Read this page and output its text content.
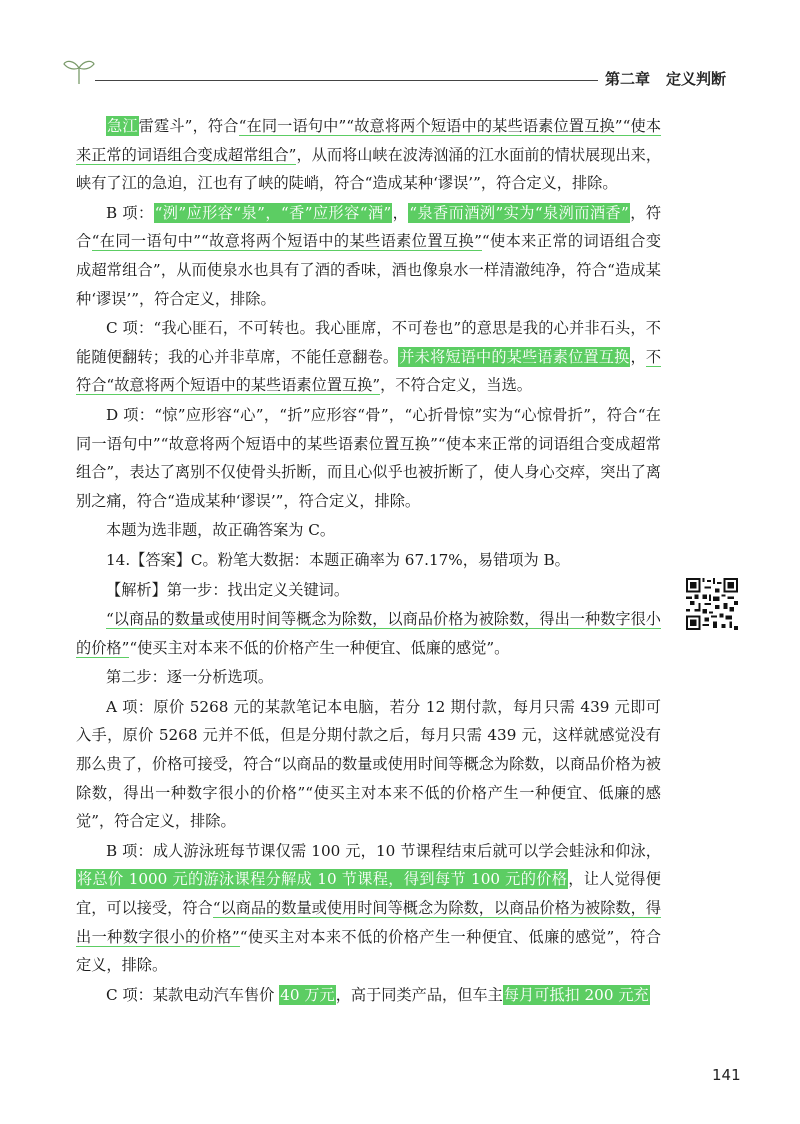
第二章 定义判断

急江雷霆斗”，符合“在同一语句中”“故意将两个短语中的某些语素位置互换”“使本来正常的词语组合变成超常组合”，从而将山峡在波涛汹涌的江水面前的情状展现出来，峡有了江的急迫，江也有了峡的陡峭，符合“造成某种‘谬误’”，符合定义，排除。

B 项：“洌”应形容“泉”，“香”应形容“酒”，“泉香而酒洌”实为“泉洌而酒香”，符合“在同一语句中”“故意将两个短语中的某些语素位置互换”“使本来正常的词语组合变成超常组合”，从而使泉水也具有了酒的香味，酒也像泉水一样清澈纯净，符合“造成某种‘谬误’”，符合定义，排除。

C 项：“我心匪石，不可转也。我心匪席，不可卷也”的意思是我的心并非石头，不能随便翻转；我的心并非草席，不能任意翻卷。并未将短语中的某些语素位置互换，不符合“故意将两个短语中的某些语素位置互换”，不符合定义，当选。

D 项：“惊”应形容“心”，“折”应形容“骨”，“心折骨惊”实为“心惊骨折”，符合“在同一语句中”“故意将两个短语中的某些语素位置互换”“使本来正常的词语组合变成超常组合”，表达了离别不仅使骨头折断，而且心似乎也被折断了，使人身心交瘁，突出了离别之痛，符合“造成某种‘谬误’”，符合定义，排除。

本题为选非题，故正确答案为 C。

14.【答案】C。粉笔大数据：本题正确率为 67.17%，易错项为 B。

【解析】第一步：找出定义关键词。

“以商品的数量或使用时间等概念为除数，以商品价格为被除数，得出一种数字很小的价格”“使买主对本来不低的价格产生一种便宜、低廉的感觉”。

第二步：逐一分析选项。

A 项：原价 5268 元的某款笔记本电脑，若分 12 期付款，每月只需 439 元即可入手，原价 5268 元并不低，但是分期付款之后，每月只需 439 元，这样就感觉没有那么贵了，价格可接受，符合“以商品的数量或使用时间等概念为除数，以商品价格为被除数，得出一种数字很小的价格”“使买主对本来不低的价格产生一种便宜、低廉的感觉”，符合定义，排除。

B 项：成人游泳班每节课仅需 100 元，10 节课程结束后就可以学会蛙泳和仰泳，将总价 1000 元的游泳课程分解成 10 节课程，得到每节 100 元的价格，让人觉得便宜，可以接受，符合“以商品的数量或使用时间等概念为除数，以商品价格为被除数，得出一种数字很小的价格”“使买主对本来不低的价格产生一种便宜、低廉的感觉”，符合定义，排除。

C 项：某款电动汽车售价 40 万元，高于同类产品，但车主每月可抵扣 200 元充

141
